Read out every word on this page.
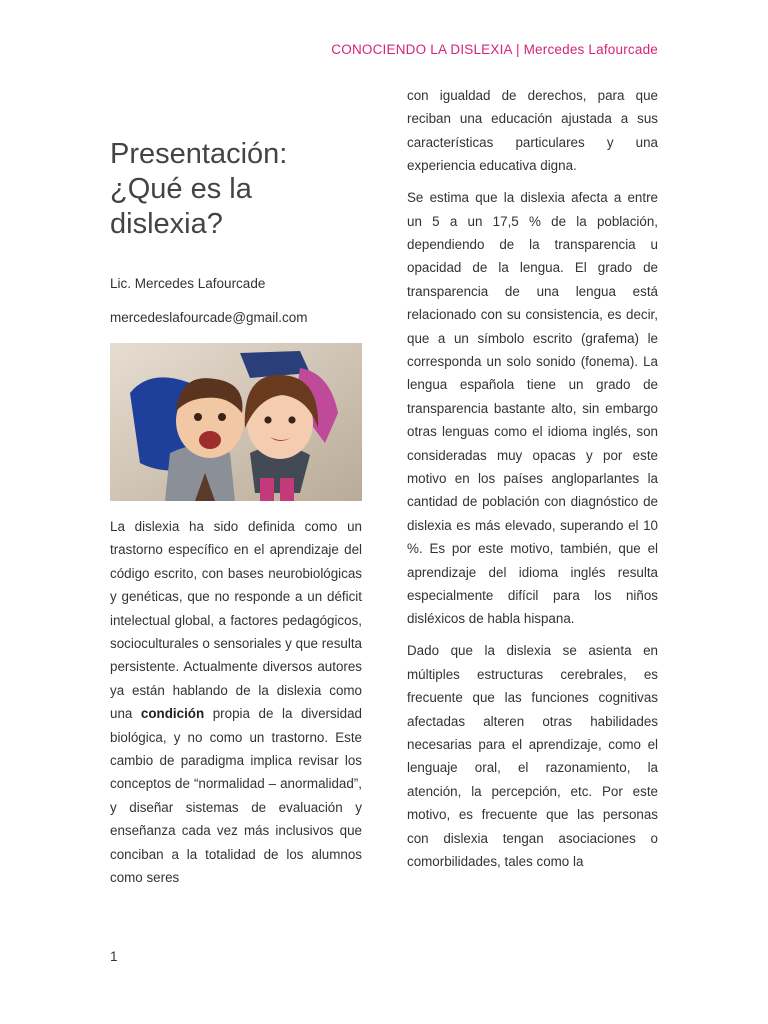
CONOCIENDO LA DISLEXIA | Mercedes Lafourcade
Presentación:
¿Qué es la
dislexia?
Lic. Mercedes Lafourcade
mercedeslafourcade@gmail.com

La dislexia ha sido definida como un trastorno específico en el aprendizaje del código escrito, con bases neurobiológicas y genéticas, que no responde a un déficit intelectual global, a factores pedagógicos, socioculturales o sensoriales y que resulta persistente. Actualmente diversos autores ya están hablando de la dislexia como una condición propia de la diversidad biológica, y no como un trastorno. Este cambio de paradigma implica revisar los conceptos de “normalidad – anormalidad”, y diseñar sistemas de evaluación y enseñanza cada vez más inclusivos que conciban a la totalidad de los alumnos como seres

con igualdad de derechos, para que reciban una educación ajustada a sus características particulares y una experiencia educativa digna.

Se estima que la dislexia afecta a entre un 5 a un 17,5 % de la población, dependiendo de la transparencia u opacidad de la lengua. El grado de transparencia de una lengua está relacionado con su consistencia, es decir, que a un símbolo escrito (grafema) le corresponda un solo sonido (fonema). La lengua española tiene un grado de transparencia bastante alto, sin embargo otras lenguas como el idioma inglés, son consideradas muy opacas y por este motivo en los países angloparlantes la cantidad de población con diagnóstico de dislexia es más elevado, superando el 10 %. Es por este motivo, también, que el aprendizaje del idioma inglés resulta especialmente difícil para los niños disléxicos de habla hispana.

Dado que la dislexia se asienta en múltiples estructuras cerebrales, es frecuente que las funciones cognitivas afectadas alteren otras habilidades necesarias para el aprendizaje, como el lenguaje oral, el razonamiento, la atención, la percepción, etc. Por este motivo, es frecuente que las personas con dislexia tengan asociaciones o comorbilidades, tales como la

1
